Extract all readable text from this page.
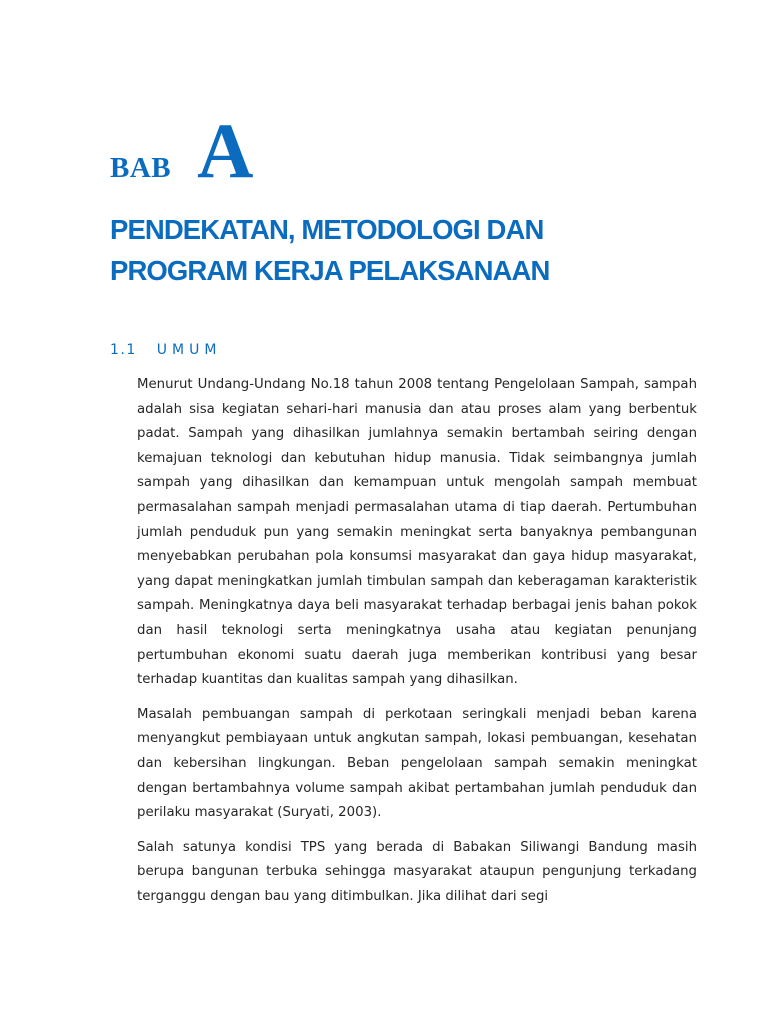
BAB A
PENDEKATAN, METODOLOGI DAN
PROGRAM KERJA PELAKSANAAN
1.1 UMUM

Menurut Undang-Undang No.18 tahun 2008 tentang Pengelolaan Sampah, sampah adalah sisa kegiatan sehari-hari manusia dan atau proses alam yang berbentuk padat. Sampah yang dihasilkan jumlahnya semakin bertambah seiring dengan kemajuan teknologi dan kebutuhan hidup manusia. Tidak seimbangnya jumlah sampah yang dihasilkan dan kemampuan untuk mengolah sampah membuat permasalahan sampah menjadi permasalahan utama di tiap daerah. Pertumbuhan jumlah penduduk pun yang semakin meningkat serta banyaknya pembangunan menyebabkan perubahan pola konsumsi masyarakat dan gaya hidup masyarakat, yang dapat meningkatkan jumlah timbulan sampah dan keberagaman karakteristik sampah. Meningkatnya daya beli masyarakat terhadap berbagai jenis bahan pokok dan hasil teknologi serta meningkatnya usaha atau kegiatan penunjang pertumbuhan ekonomi suatu daerah juga memberikan kontribusi yang besar terhadap kuantitas dan kualitas sampah yang dihasilkan.

Masalah pembuangan sampah di perkotaan seringkali menjadi beban karena menyangkut pembiayaan untuk angkutan sampah, lokasi pembuangan, kesehatan dan kebersihan lingkungan. Beban pengelolaan sampah semakin meningkat dengan bertambahnya volume sampah akibat pertambahan jumlah penduduk dan perilaku masyarakat (Suryati, 2003).

Salah satunya kondisi TPS yang berada di Babakan Siliwangi Bandung masih berupa bangunan terbuka sehingga masyarakat ataupun pengunjung terkadang terganggu dengan bau yang ditimbulkan. Jika dilihat dari segi
